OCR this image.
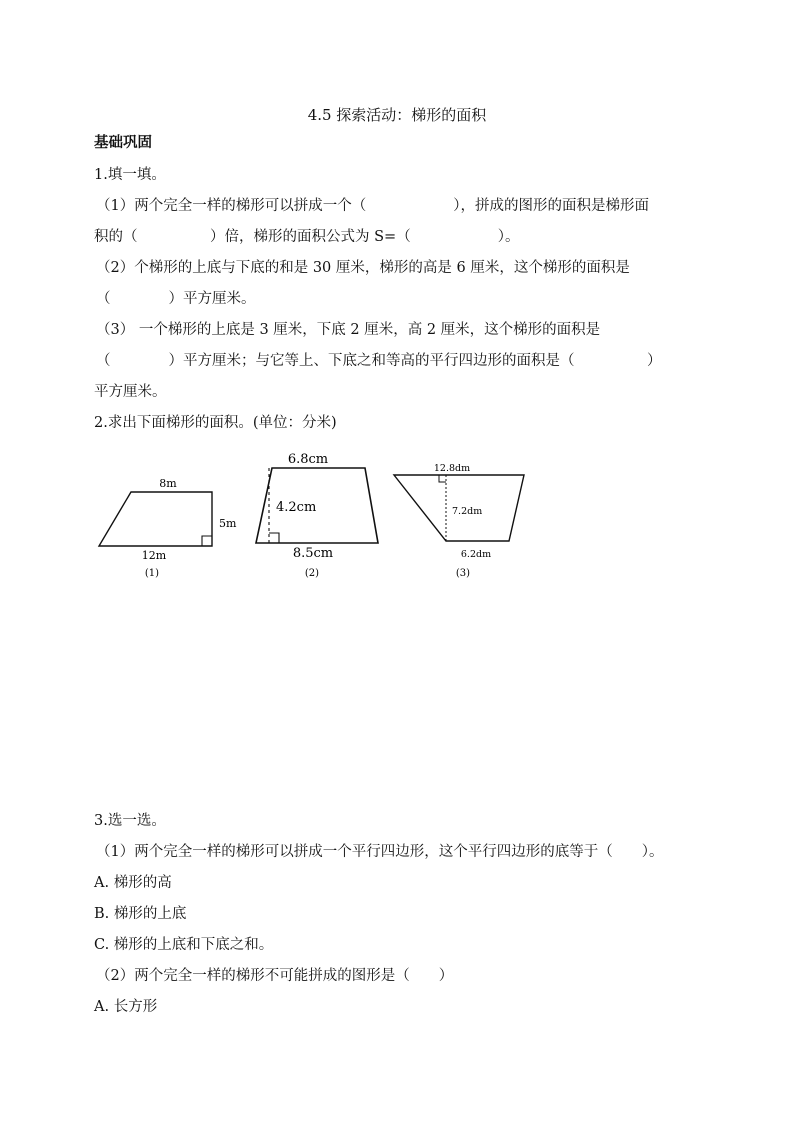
4.5 探索活动：梯形的面积
基础巩固
1.填一填。
（1）两个完全一样的梯形可以拼成一个（　　　　　　），拼成的图形的面积是梯形面
积的（　　　　　）倍，梯形的面积公式为 S=（　　　　　　）。
（2）个梯形的上底与下底的和是 30 厘米，梯形的高是 6 厘米，这个梯形的面积是
（　　　　）平方厘米。
（3） 一个梯形的上底是 3 厘米，下底 2 厘米，高 2 厘米，这个梯形的面积是
（　　　　）平方厘米；与它等上、下底之和等高的平行四边形的面积是（　　　　　）
平方厘米。
2.求出下面梯形的面积。(单位：分米)
8m
5m
12m
(1)
6.8cm
4.2cm
8.5cm
(2)
12.8dm
7.2dm
6.2dm
(3)
3.选一选。
（1）两个完全一样的梯形可以拼成一个平行四边形，这个平行四边形的底等于（　　）。
A. 梯形的高
B. 梯形的上底
C. 梯形的上底和下底之和。
（2）两个完全一样的梯形不可能拼成的图形是（　　）
A. 长方形
